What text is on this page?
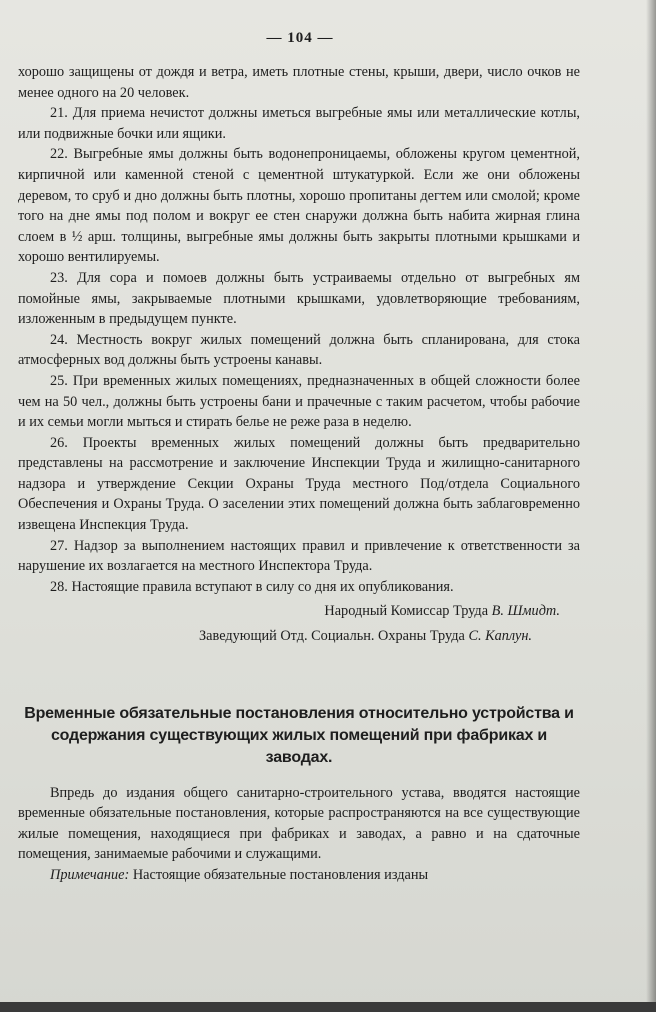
— 104 —

хорошо защищены от дождя и ветра, иметь плотные стены, крыши, двери, число очков не менее одного на 20 человек.

21. Для приема нечистот должны иметься выгребные ямы или металлические котлы, или подвижные бочки или ящики.

22. Выгребные ямы должны быть водонепроницаемы, обложены кругом цементной, кирпичной или каменной стеной с цементной штукатуркой. Если же они обложены деревом, то сруб и дно должны быть плотны, хорошо пропитаны дегтем или смолой; кроме того на дне ямы под полом и вокруг ее стен снаружи должна быть набита жирная глина слоем в ½ арш. толщины, выгребные ямы должны быть закрыты плотными крышками и хорошо вентилируемы.

23. Для сора и помоев должны быть устраиваемы отдельно от выгребных ям помойные ямы, закрываемые плотными крышками, удовлетворяющие требованиям, изложенным в предыдущем пункте.

24. Местность вокруг жилых помещений должна быть спланирована, для стока атмосферных вод должны быть устроены канавы.

25. При временных жилых помещениях, предназначенных в общей сложности более чем на 50 чел., должны быть устроены бани и прачечные с таким расчетом, чтобы рабочие и их семьи могли мыться и стирать белье не реже раза в неделю.

26. Проекты временных жилых помещений должны быть предварительно представлены на рассмотрение и заключение Инспекции Труда и жилищно-санитарного надзора и утверждение Секции Охраны Труда местного Под/отдела Социального Обеспечения и Охраны Труда. О заселении этих помещений должна быть заблаговременно извещена Инспекция Труда.

27. Надзор за выполнением настоящих правил и привлечение к ответственности за нарушение их возлагается на местного Инспектора Труда.

28. Настоящие правила вступают в силу со дня их опубликования.

Народный Комиссар Труда В. Шмидт.

Заведующий Отд. Социальн. Охраны Труда С. Каплун.

Временные обязательные постановления относительно устройства и содержания существующих жилых помещений при фабриках и заводах.

Впредь до издания общего санитарно-строительного устава, вводятся настоящие временные обязательные постановления, которые распространяются на все существующие жилые помещения, находящиеся при фабриках и заводах, а равно и на сдаточные помещения, занимаемые рабочими и служащими.

Примечание: Настоящие обязательные постановления изданы
